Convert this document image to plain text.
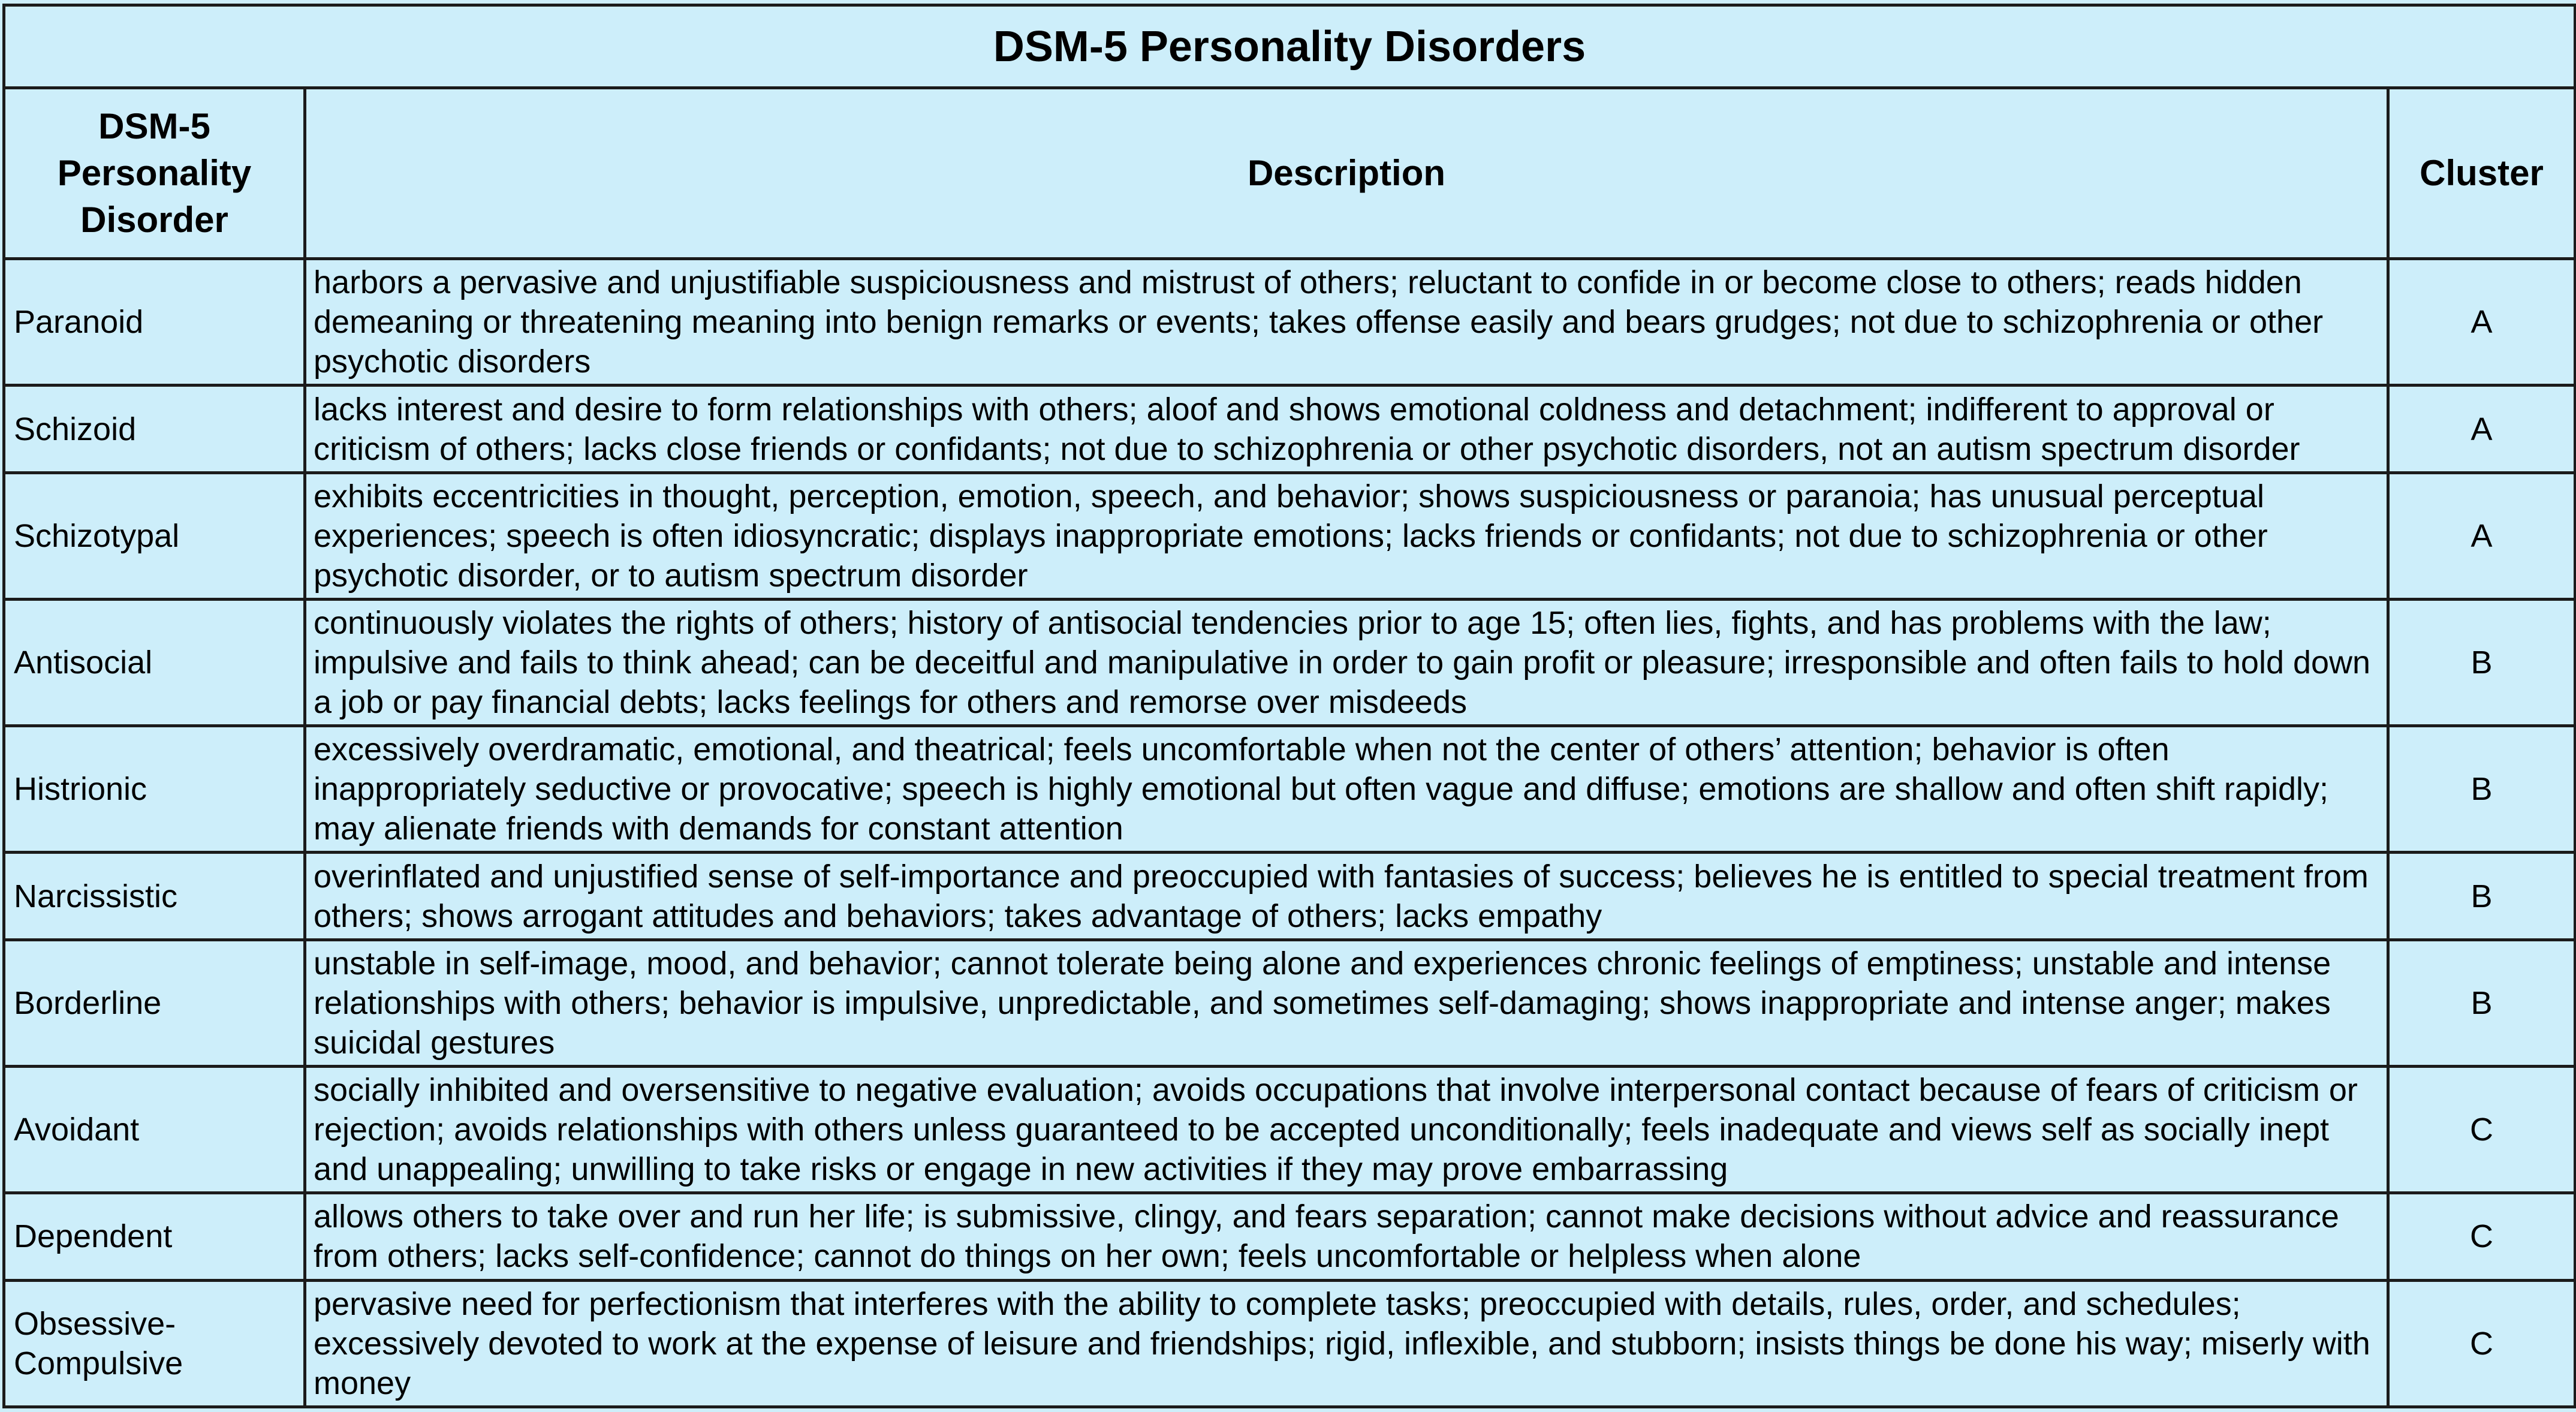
DSM-5 Personality Disorders		
DSM-5 Personality Disorder	Description	Cluster
Paranoid	harbors a pervasive and unjustifiable suspiciousness and mistrust of others; reluctant to confide in or become close to others; reads hidden demeaning or threatening meaning into benign remarks or events; takes offense easily and bears grudges; not due to schizophrenia or other psychotic disorders	A
Schizoid	lacks interest and desire to form relationships with others; aloof and shows emotional coldness and detachment; indifferent to approval or criticism of others; lacks close friends or confidants; not due to schizophrenia or other psychotic disorders, not an autism spectrum disorder	A
Schizotypal	exhibits eccentricities in thought, perception, emotion, speech, and behavior; shows suspiciousness or paranoia; has unusual perceptual experiences; speech is often idiosyncratic; displays inappropriate emotions; lacks friends or confidants; not due to schizophrenia or other psychotic disorder, or to autism spectrum disorder	A
Antisocial	continuously violates the rights of others; history of antisocial tendencies prior to age 15; often lies, fights, and has problems with the law; impulsive and fails to think ahead; can be deceitful and manipulative in order to gain profit or pleasure; irresponsible and often fails to hold down a job or pay financial debts; lacks feelings for others and remorse over misdeeds	B
Histrionic	excessively overdramatic, emotional, and theatrical; feels uncomfortable when not the center of others’ attention; behavior is often inappropriately seductive or provocative; speech is highly emotional but often vague and diffuse; emotions are shallow and often shift rapidly; may alienate friends with demands for constant attention	B
Narcissistic	overinflated and unjustified sense of self-importance and preoccupied with fantasies of success; believes he is entitled to special treatment from others; shows arrogant attitudes and behaviors; takes advantage of others; lacks empathy	B
Borderline	unstable in self-image, mood, and behavior; cannot tolerate being alone and experiences chronic feelings of emptiness; unstable and intense relationships with others; behavior is impulsive, unpredictable, and sometimes self-damaging; shows inappropriate and intense anger; makes suicidal gestures	B
Avoidant	socially inhibited and oversensitive to negative evaluation; avoids occupations that involve interpersonal contact because of fears of criticism or rejection; avoids relationships with others unless guaranteed to be accepted unconditionally; feels inadequate and views self as socially inept and unappealing; unwilling to take risks or engage in new activities if they may prove embarrassing	C
Dependent	allows others to take over and run her life; is submissive, clingy, and fears separation; cannot make decisions without advice and reassurance from others; lacks self-confidence; cannot do things on her own; feels uncomfortable or helpless when alone	C
Obsessive-Compulsive	pervasive need for perfectionism that interferes with the ability to complete tasks; preoccupied with details, rules, order, and schedules; excessively devoted to work at the expense of leisure and friendships; rigid, inflexible, and stubborn; insists things be done his way; miserly with money	C
